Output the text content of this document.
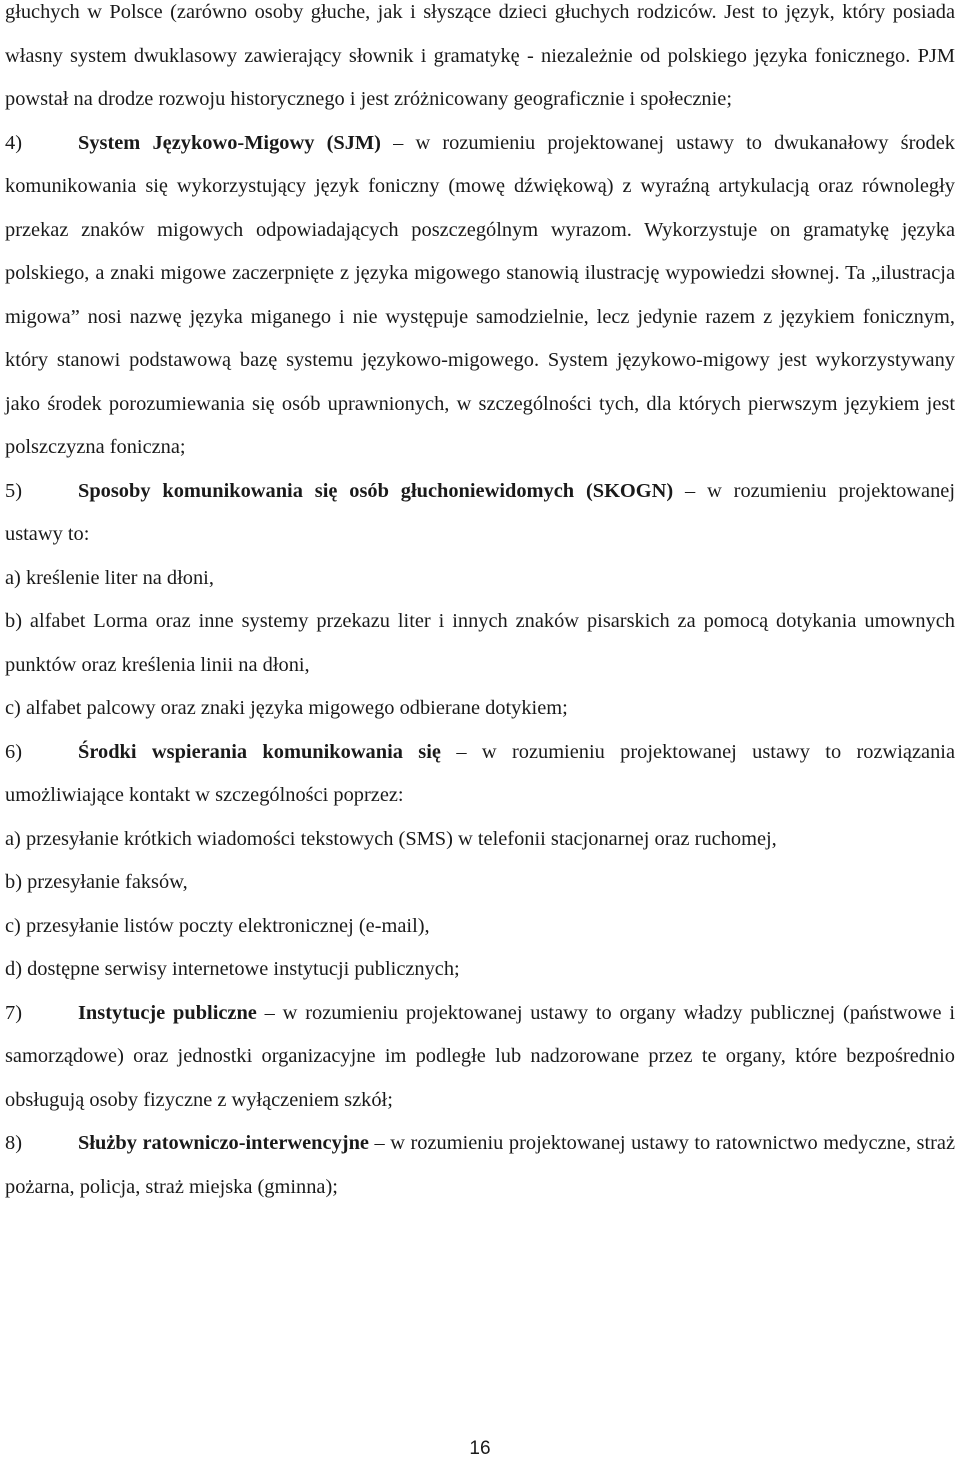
głuchych w Polsce (zarówno osoby głuche, jak i słyszące dzieci głuchych rodziców. Jest to język, który posiada własny system dwuklasowy zawierający słownik i gramatykę - niezależnie od polskiego języka fonicznego. PJM powstał na drodze rozwoju historycznego i jest zróżnicowany geograficznie i społecznie;

4)	System Językowo-Migowy (SJM) – w rozumieniu projektowanej ustawy to dwukanałowy środek komunikowania się wykorzystujący język foniczny (mowę dźwiękową) z wyraźną artykulacją oraz równoległy przekaz znaków migowych odpowiadających poszczególnym wyrazom. Wykorzystuje on gramatykę języka polskiego, a znaki migowe zaczerpnięte z języka migowego stanowią ilustrację wypowiedzi słownej. Ta „ilustracja migowa” nosi nazwę języka miganego i nie występuje samodzielnie, lecz jedynie razem z językiem fonicznym, który stanowi podstawową bazę systemu językowo-migowego. System językowo-migowy jest wykorzystywany jako środek porozumiewania się osób uprawnionych, w szczególności tych, dla których pierwszym językiem jest polszczyzna foniczna;

5)	Sposoby komunikowania się osób głuchoniewidomych (SKOGN) – w rozumieniu projektowanej ustawy to:

a) kreślenie liter na dłoni,

b) alfabet Lorma oraz inne systemy przekazu liter i innych znaków pisarskich za pomocą dotykania umownych punktów oraz kreślenia linii na dłoni,

c) alfabet palcowy oraz znaki języka migowego odbierane dotykiem;

6)	Środki wspierania komunikowania się – w rozumieniu projektowanej ustawy to rozwiązania umożliwiające kontakt w szczególności poprzez:

a) przesyłanie krótkich wiadomości tekstowych (SMS) w telefonii stacjonarnej oraz ruchomej,

b) przesyłanie faksów,

c) przesyłanie listów poczty elektronicznej (e-mail),

d) dostępne serwisy internetowe instytucji publicznych;

7)	Instytucje publiczne – w rozumieniu projektowanej ustawy to organy władzy publicznej (państwowe i samorządowe) oraz jednostki organizacyjne im podległe lub nadzorowane przez te organy, które bezpośrednio obsługują osoby fizyczne z wyłączeniem szkół;

8)	Służby ratowniczo-interwencyjne – w rozumieniu projektowanej ustawy to ratownictwo medyczne, straż pożarna, policja, straż miejska (gminna);

16
